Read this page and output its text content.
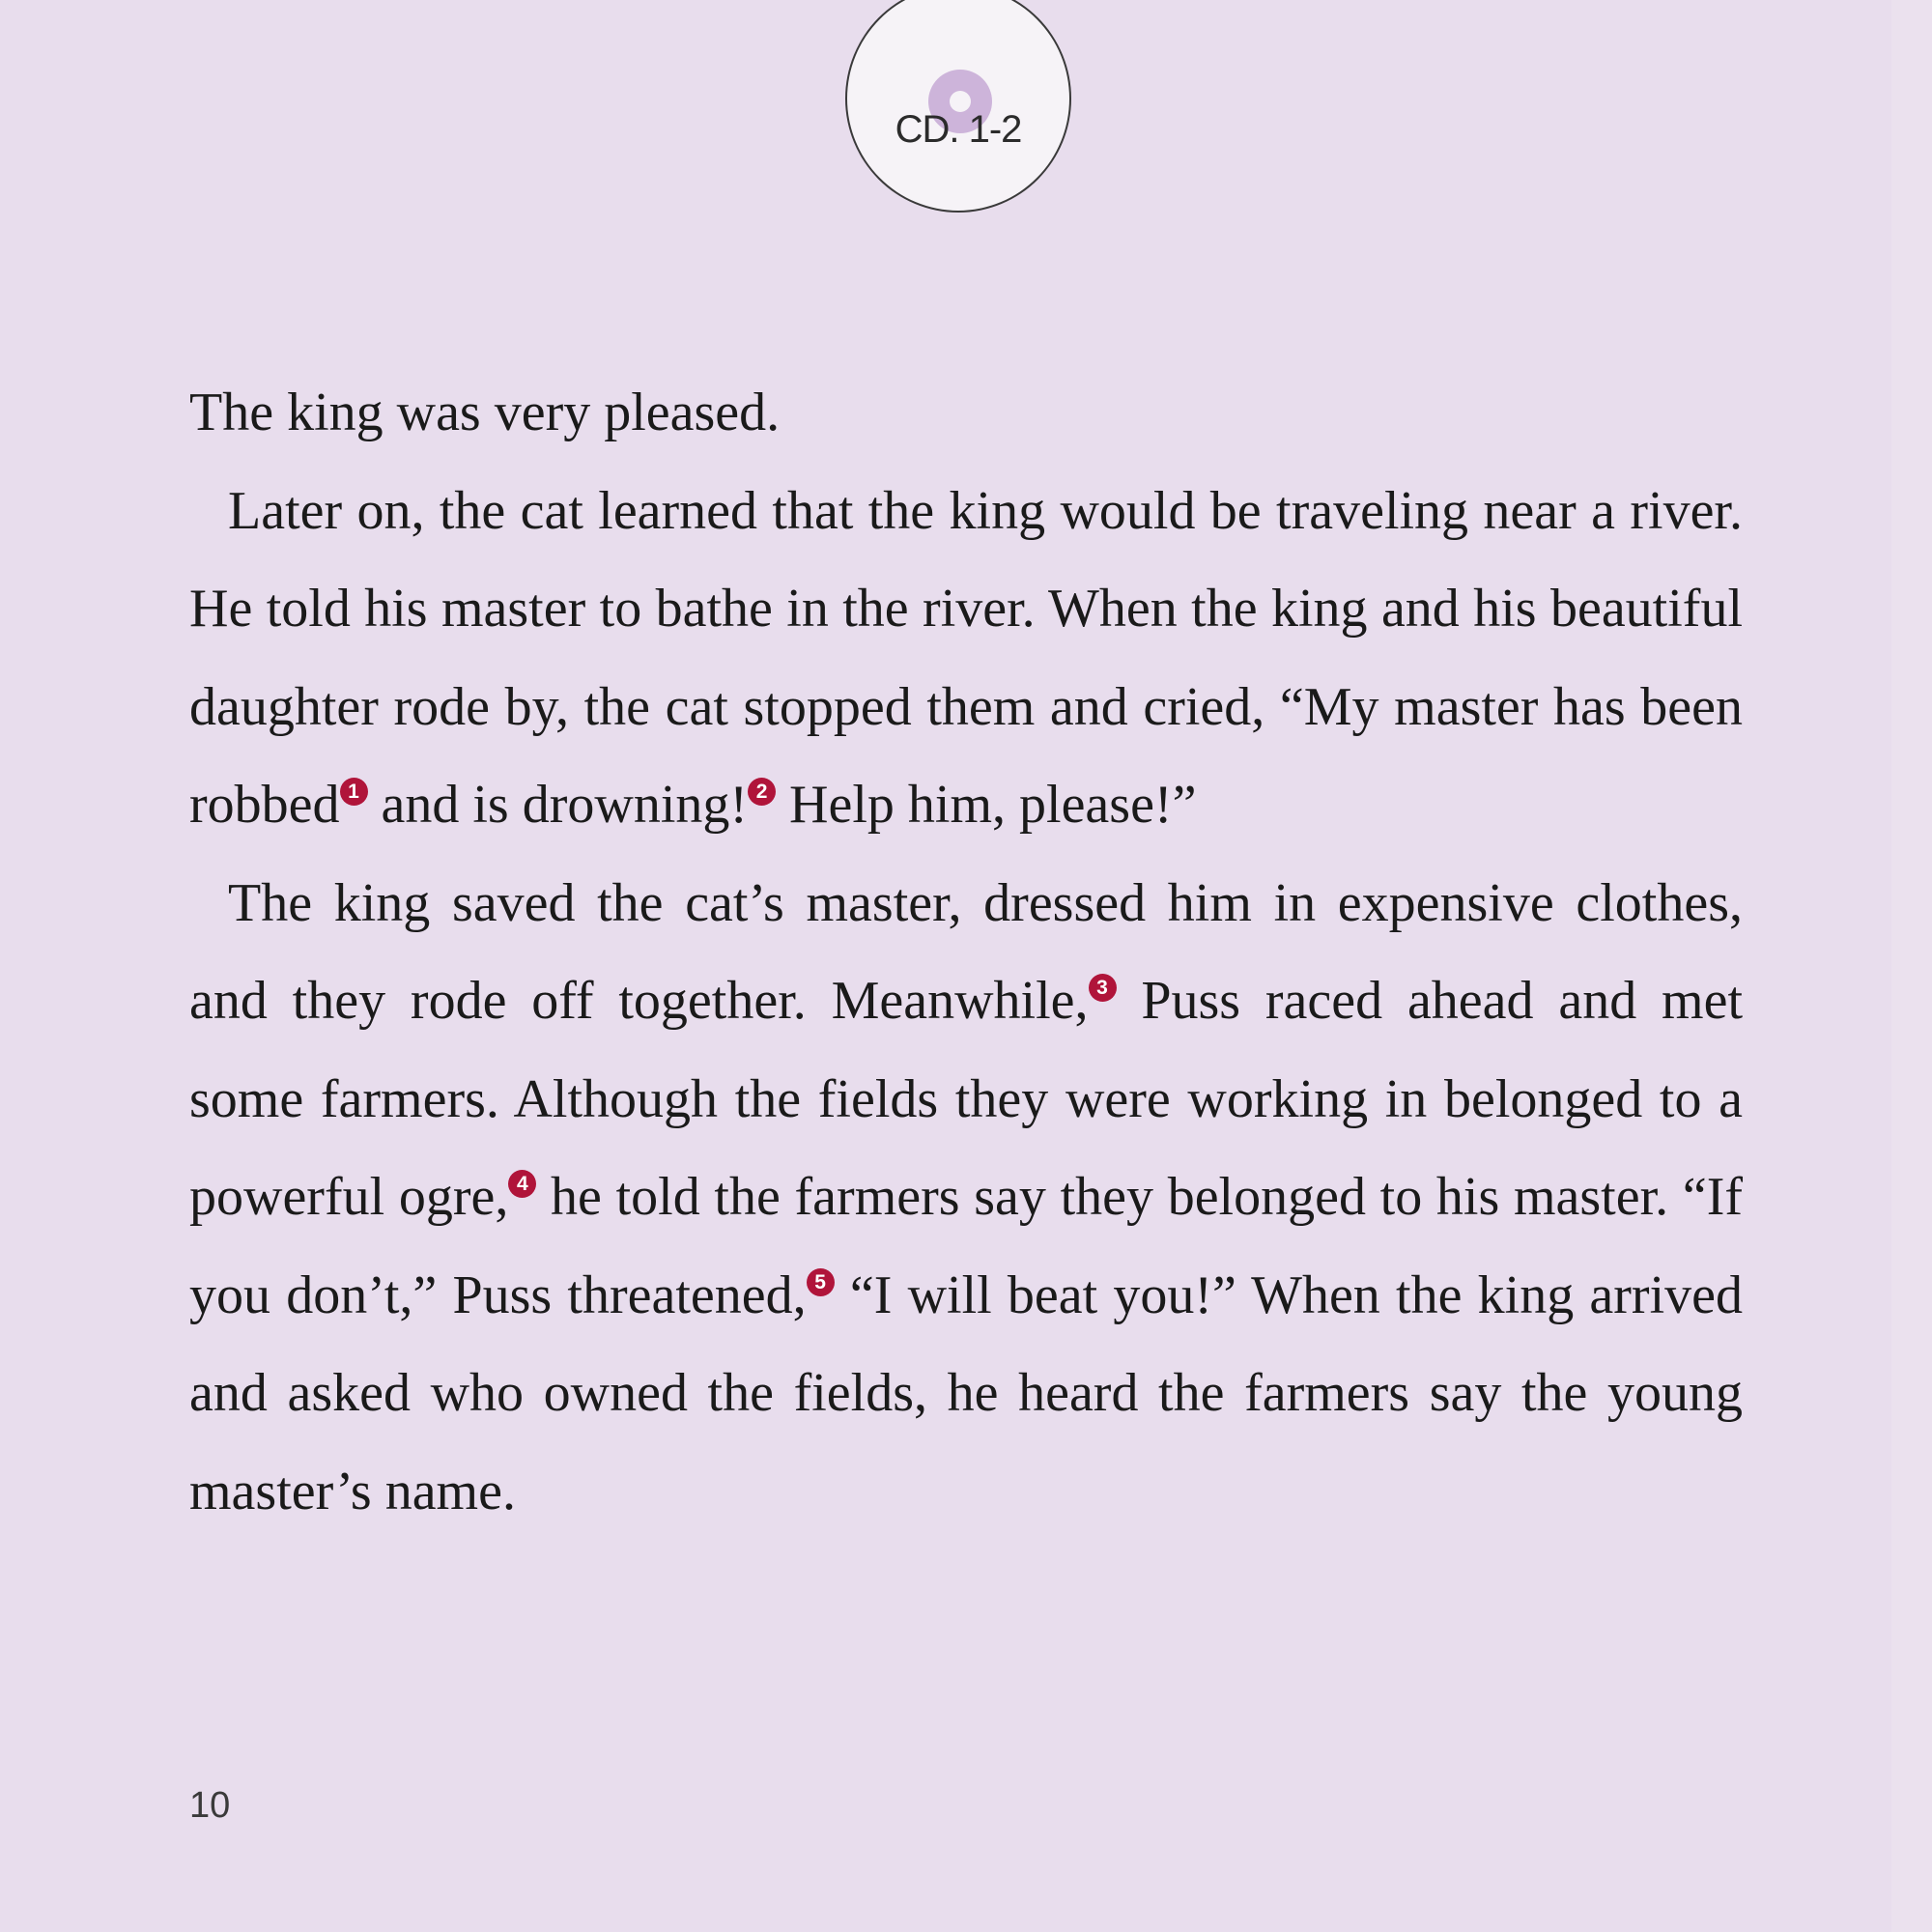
CD. 1-2

The king was very pleased.

Later on, the cat learned that the king would be traveling near a river. He told his master to bathe in the river. When the king and his beautiful daughter rode by, the cat stopped them and cried, “My master has been robbed 1 and is drowning! 2 Help him, please!”

The king saved the cat’s master, dressed him in expensive clothes, and they rode off together. Meanwhile, 3 Puss raced ahead and met some farmers. Although the fields they were working in belonged to a powerful ogre, 4 he told the farmers say they belonged to his master. “If you don’t,” Puss threatened, 5 “I will beat you!” When the king arrived and asked who owned the fields, he heard the farmers say the young master’s name.

10
